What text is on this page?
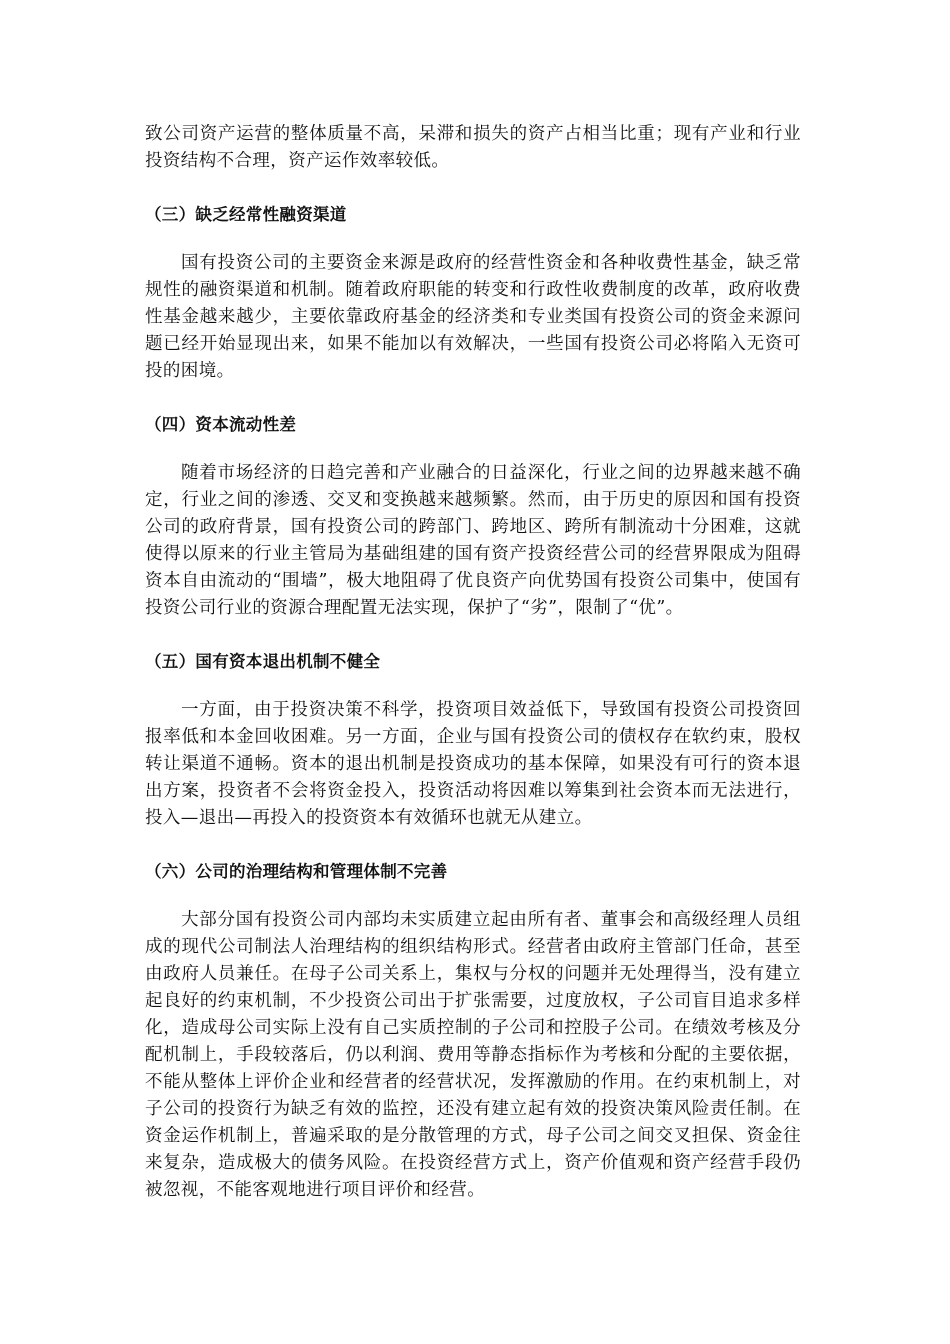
致公司资产运营的整体质量不高，呆滞和损失的资产占相当比重；现有产业和行业投资结构不合理，资产运作效率较低。

（三）缺乏经常性融资渠道

国有投资公司的主要资金来源是政府的经营性资金和各种收费性基金，缺乏常规性的融资渠道和机制。随着政府职能的转变和行政性收费制度的改革，政府收费性基金越来越少，主要依靠政府基金的经济类和专业类国有投资公司的资金来源问题已经开始显现出来，如果不能加以有效解决，一些国有投资公司必将陷入无资可投的困境。

（四）资本流动性差

随着市场经济的日趋完善和产业融合的日益深化，行业之间的边界越来越不确定，行业之间的渗透、交叉和变换越来越频繁。然而，由于历史的原因和国有投资公司的政府背景，国有投资公司的跨部门、跨地区、跨所有制流动十分困难，这就使得以原来的行业主管局为基础组建的国有资产投资经营公司的经营界限成为阻碍资本自由流动的“围墙”，极大地阻碍了优良资产向优势国有投资公司集中，使国有投资公司行业的资源合理配置无法实现，保护了“劣”，限制了“优”。

（五）国有资本退出机制不健全

一方面，由于投资决策不科学，投资项目效益低下，导致国有投资公司投资回报率低和本金回收困难。另一方面，企业与国有投资公司的债权存在软约束，股权转让渠道不通畅。资本的退出机制是投资成功的基本保障，如果没有可行的资本退出方案，投资者不会将资金投入，投资活动将因难以筹集到社会资本而无法进行，投入—退出—再投入的投资资本有效循环也就无从建立。

（六）公司的治理结构和管理体制不完善

大部分国有投资公司内部均未实质建立起由所有者、董事会和高级经理人员组成的现代公司制法人治理结构的组织结构形式。经营者由政府主管部门任命，甚至由政府人员兼任。在母子公司关系上，集权与分权的问题并无处理得当，没有建立起良好的约束机制，不少投资公司出于扩张需要，过度放权，子公司盲目追求多样化，造成母公司实际上没有自己实质控制的子公司和控股子公司。在绩效考核及分配机制上，手段较落后，仍以利润、费用等静态指标作为考核和分配的主要依据，不能从整体上评价企业和经营者的经营状况，发挥激励的作用。在约束机制上，对子公司的投资行为缺乏有效的监控，还没有建立起有效的投资决策风险责任制。在资金运作机制上，普遍采取的是分散管理的方式，母子公司之间交叉担保、资金往来复杂，造成极大的债务风险。在投资经营方式上，资产价值观和资产经营手段仍被忽视，不能客观地进行项目评价和经营。
